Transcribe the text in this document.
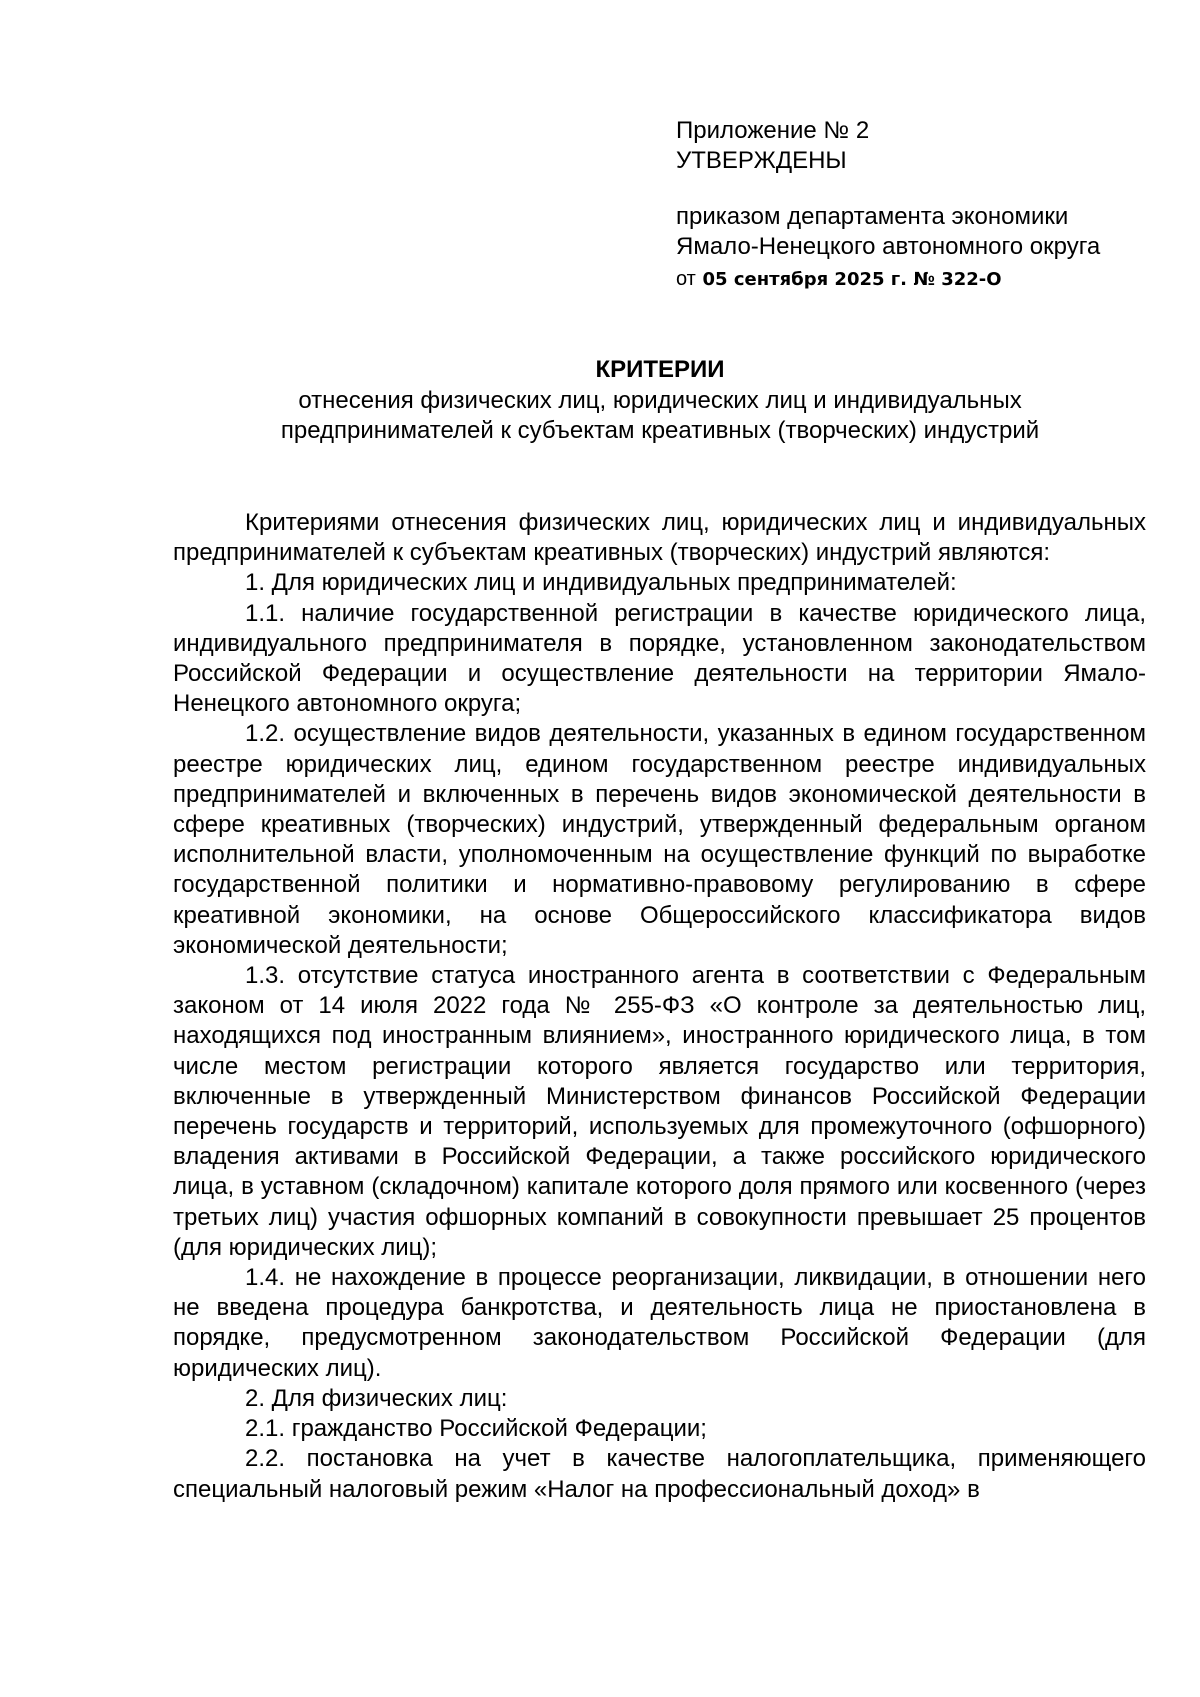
Приложение № 2
УТВЕРЖДЕНЫ
приказом департамента экономики
Ямало-Ненецкого автономного округа
от 05 сентября 2025 г. № 322-О
КРИТЕРИИ
отнесения физических лиц, юридических лиц и индивидуальных
предпринимателей к субъектам креативных (творческих) индустрий

Критериями отнесения физических лиц, юридических лиц и индивидуальных предпринимателей к субъектам креативных (творческих) индустрий являются:

1. Для юридических лиц и индивидуальных предпринимателей:

1.1. наличие государственной регистрации в качестве юридического лица, индивидуального предпринимателя в порядке, установленном законодательством Российской Федерации и осуществление деятельности на территории Ямало-Ненецкого автономного округа;

1.2. осуществление видов деятельности, указанных в едином государственном реестре юридических лиц, едином государственном реестре индивидуальных предпринимателей и включенных в перечень видов экономической деятельности в сфере креативных (творческих) индустрий, утвержденный федеральным органом исполнительной власти, уполномоченным на осуществление функций по выработке государственной политики и нормативно-правовому регулированию в сфере креативной экономики, на основе Общероссийского классификатора видов экономической деятельности;

1.3. отсутствие статуса иностранного агента в соответствии с Федеральным законом от 14 июля 2022 года № 255-ФЗ «О контроле за деятельностью лиц, находящихся под иностранным влиянием», иностранного юридического лица, в том числе местом регистрации которого является государство или территория, включенные в утвержденный Министерством финансов Российской Федерации перечень государств и территорий, используемых для промежуточного (офшорного) владения активами в Российской Федерации, а также российского юридического лица, в уставном (складочном) капитале которого доля прямого или косвенного (через третьих лиц) участия офшорных компаний в совокупности превышает 25 процентов (для юридических лиц);

1.4. не нахождение в процессе реорганизации, ликвидации, в отношении него не введена процедура банкротства, и деятельность лица не приостановлена в порядке, предусмотренном законодательством Российской Федерации (для юридических лиц).

2. Для физических лиц:

2.1. гражданство Российской Федерации;

2.2. постановка на учет в качестве налогоплательщика, применяющего специальный налоговый режим «Налог на профессиональный доход» в
